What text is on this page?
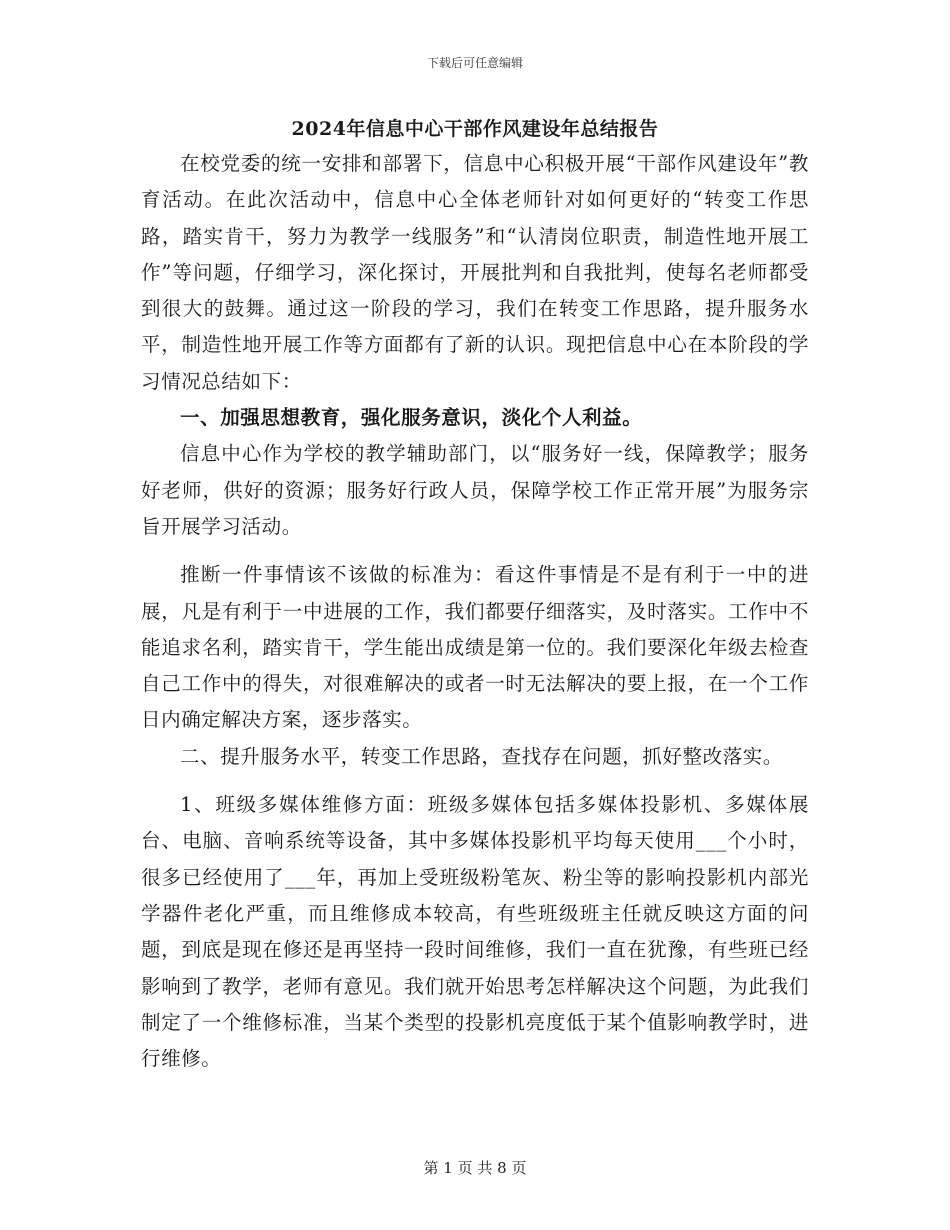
下载后可任意编辑
2024年信息中心干部作风建设年总结报告

在校党委的统一安排和部署下，信息中心积极开展“干部作风建设年”教育活动。在此次活动中，信息中心全体老师针对如何更好的“转变工作思路，踏实肯干，努力为教学一线服务”和“认清岗位职责，制造性地开展工作”等问题，仔细学习，深化探讨，开展批判和自我批判，使每名老师都受到很大的鼓舞。通过这一阶段的学习，我们在转变工作思路，提升服务水平，制造性地开展工作等方面都有了新的认识。现把信息中心在本阶段的学习情况总结如下：

一、加强思想教育，强化服务意识，淡化个人利益。

信息中心作为学校的教学辅助部门，以“服务好一线，保障教学；服务好老师，供好的资源；服务好行政人员，保障学校工作正常开展”为服务宗旨开展学习活动。

推断一件事情该不该做的标准为：看这件事情是不是有利于一中的进展，凡是有利于一中进展的工作，我们都要仔细落实，及时落实。工作中不能追求名利，踏实肯干，学生能出成绩是第一位的。我们要深化年级去检查自己工作中的得失，对很难解决的或者一时无法解决的要上报，在一个工作日内确定解决方案，逐步落实。

二、提升服务水平，转变工作思路，查找存在问题，抓好整改落实。

1、班级多媒体维修方面：班级多媒体包括多媒体投影机、多媒体展台、电脑、音响系统等设备，其中多媒体投影机平均每天使用___个小时，很多已经使用了___年，再加上受班级粉笔灰、粉尘等的影响投影机内部光学器件老化严重，而且维修成本较高，有些班级班主任就反映这方面的问题，到底是现在修还是再坚持一段时间维修，我们一直在犹豫，有些班已经影响到了教学，老师有意见。我们就开始思考怎样解决这个问题，为此我们制定了一个维修标准，当某个类型的投影机亮度低于某个值影响教学时，进行维修。

第 1 页 共 8 页
